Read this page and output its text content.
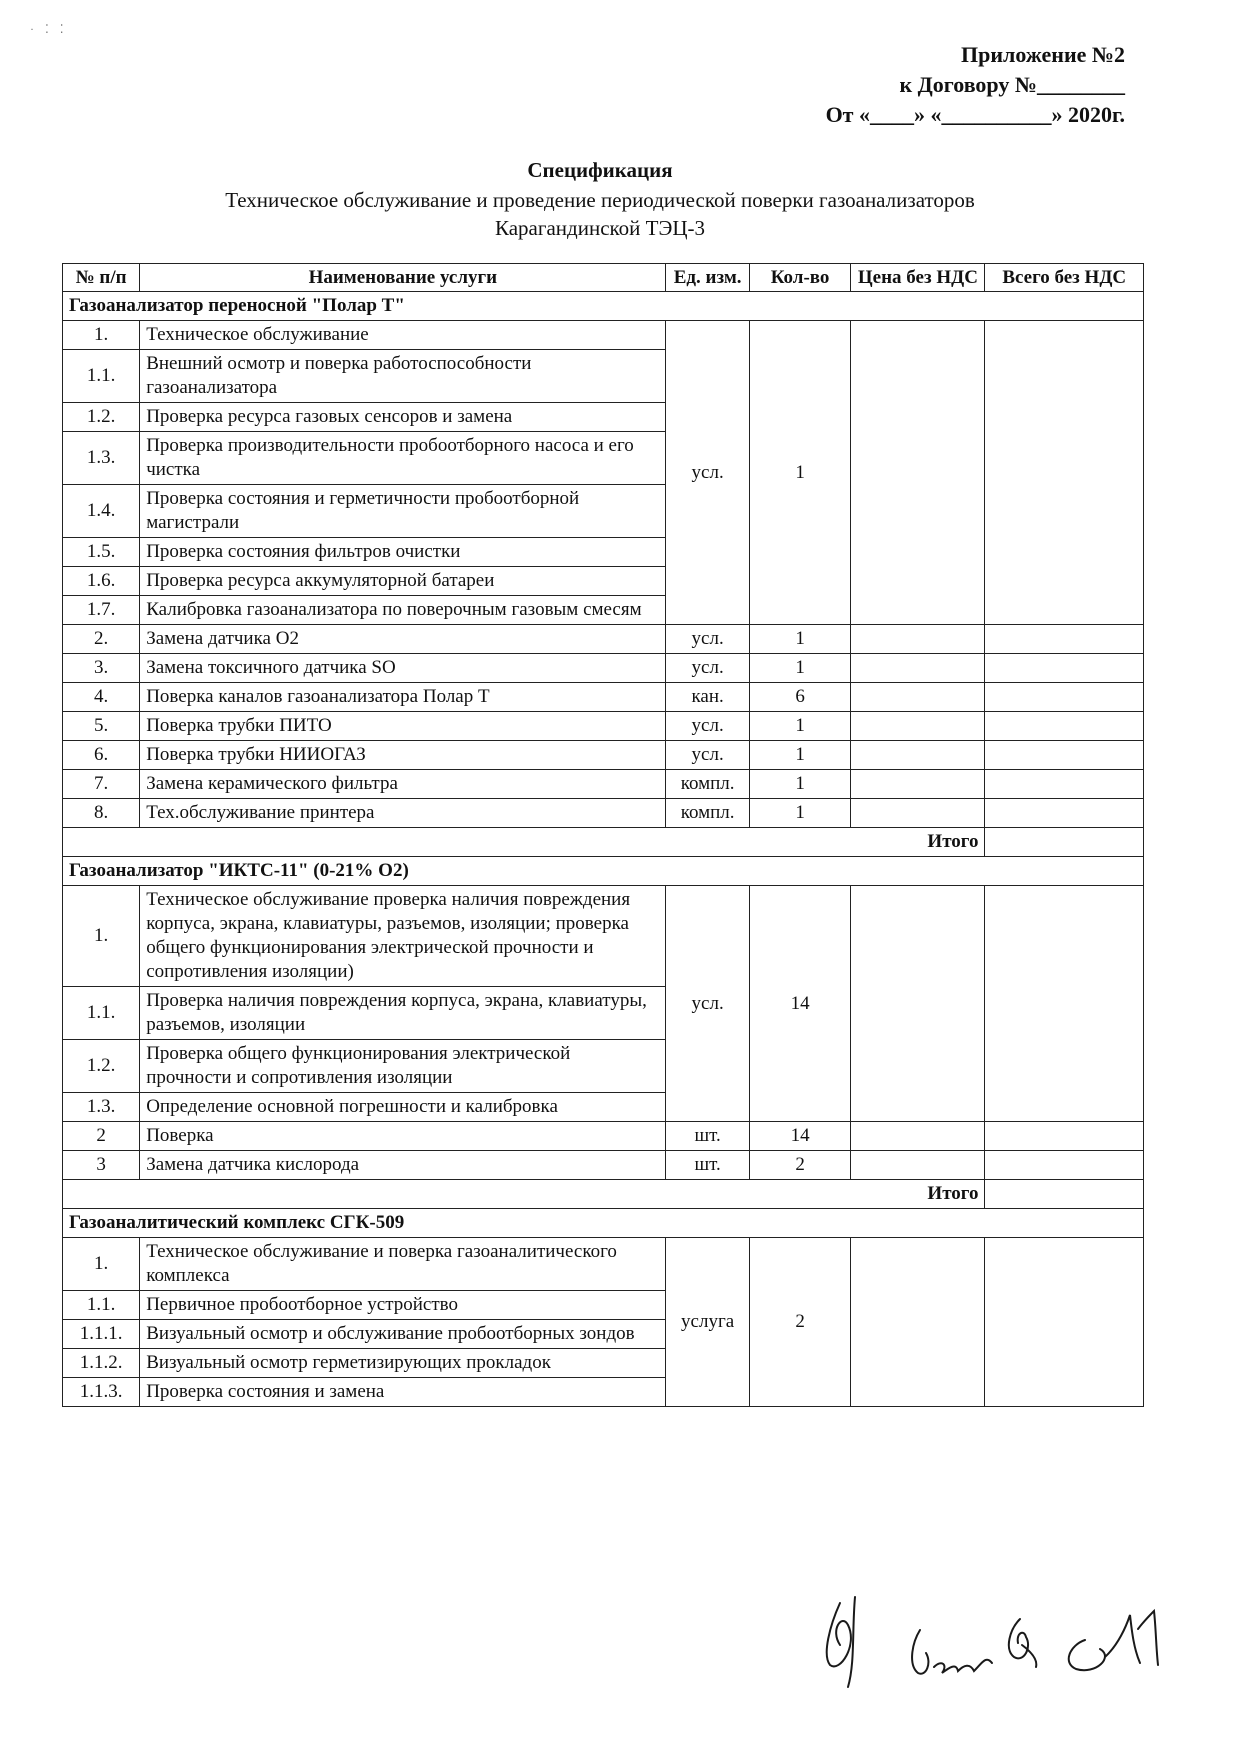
· ⁚ ⁚
Приложение №2
к Договору №________
От «____» «__________» 2020г.
Спецификация
Техническое обслуживание и проведение периодической поверки газоанализаторов
Карагандинской ТЭЦ-3
№ п/п	Наименование услуги	Ед. изм.	Кол-во	Цена без НДС	Всего без НДС
Газоанализатор переносной "Полар Т"					
1.	Техническое обслуживание	усл.	1		
1.1.	Внешний осмотр и поверка работоспособности газоанализатора				
1.2.	Проверка ресурса газовых сенсоров и замена				
1.3.	Проверка производительности пробоотборного насоса и его чистка				
1.4.	Проверка состояния и герметичности пробоотборной магистрали				
1.5.	Проверка состояния фильтров очистки				
1.6.	Проверка ресурса аккумуляторной батареи				
1.7.	Калибровка газоанализатора по поверочным газовым смесям				
2.	Замена датчика О2	усл.	1		
3.	Замена токсичного датчика SO	усл.	1		
4.	Поверка каналов газоанализатора Полар Т	кан.	6		
5.	Поверка трубки ПИТО	усл.	1		
6.	Поверка трубки НИИОГАЗ	усл.	1		
7.	Замена керамического фильтра	компл.	1		
8.	Тех.обслуживание принтера	компл.	1		
Итого					
Газоанализатор "ИКТС-11" (0-21% О2)					
1.	Техническое обслуживание проверка наличия повреждения корпуса, экрана, клавиатуры, разъемов, изоляции; проверка общего функционирования электрической прочности и сопротивления изоляции)	усл.	14		
1.1.	Проверка наличия повреждения корпуса, экрана, клавиатуры, разъемов, изоляции				
1.2.	Проверка общего функционирования электрической прочности и сопротивления изоляции				
1.3.	Определение основной погрешности и калибровка				
2	Поверка	шт.	14		
3	Замена датчика кислорода	шт.	2		
Итого					
Газоаналитический комплекс СГК-509					
1.	Техническое обслуживание и поверка газоаналитического комплекса	услуга	2		
1.1.	Первичное пробоотборное устройство				
1.1.1.	Визуальный осмотр и обслуживание пробоотборных зондов				
1.1.2.	Визуальный осмотр герметизирующих прокладок				
1.1.3.	Проверка состояния и замена				
